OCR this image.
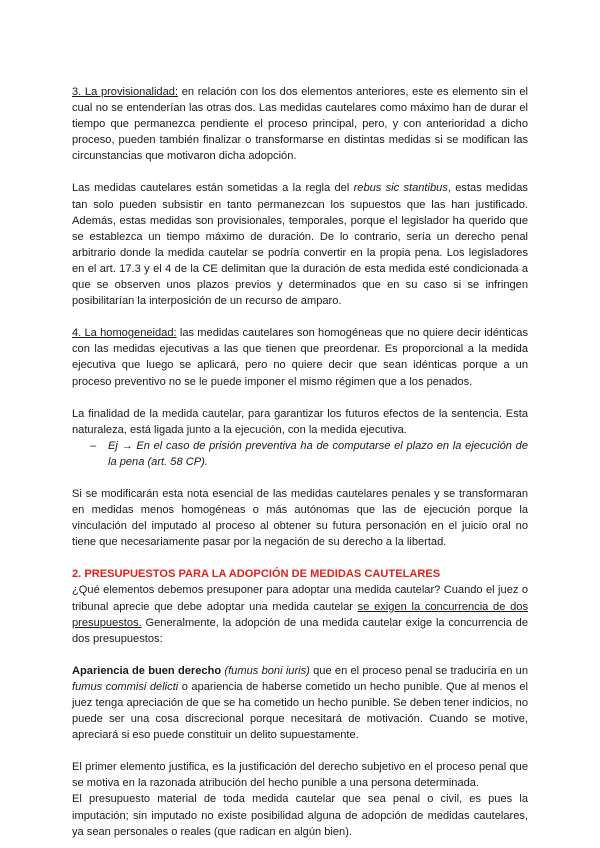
3. La provisionalidad: en relación con los dos elementos anteriores, este es elemento sin el cual no se entenderían las otras dos. Las medidas cautelares como máximo han de durar el tiempo que permanezca pendiente el proceso principal, pero, y con anterioridad a dicho proceso, pueden también finalizar o transformarse en distintas medidas si se modifican las circunstancias que motivaron dicha adopción.

Las medidas cautelares están sometidas a la regla del rebus sic stantibus, estas medidas tan solo pueden subsistir en tanto permanezcan los supuestos que las han justificado. Además, estas medidas son provisionales, temporales, porque el legislador ha querido que se establezca un tiempo máximo de duración. De lo contrario, sería un derecho penal arbitrario donde la medida cautelar se podría convertir en la propia pena. Los legisladores en el art. 17.3 y el 4 de la CE delimitan que la duración de esta medida esté condicionada a que se observen unos plazos previos y determinados que en su caso si se infringen posibilitarían la interposición de un recurso de amparo.

4. La homogeneidad: las medidas cautelares son homogéneas que no quiere decir idénticas con las medidas ejecutivas a las que tienen que preordenar. Es proporcional a la medida ejecutiva que luego se aplicará, pero no quiere decir que sean idénticas porque a un proceso preventivo no se le puede imponer el mismo régimen que a los penados.

La finalidad de la medida cautelar, para garantizar los futuros efectos de la sentencia. Esta naturaleza, está ligada junto a la ejecución, con la medida ejecutiva.

– Ej → En el caso de prisión preventiva ha de computarse el plazo en la ejecución de la pena (art. 58 CP).

Si se modificarán esta nota esencial de las medidas cautelares penales y se transformaran en medidas menos homogéneas o más autónomas que las de ejecución porque la vinculación del imputado al proceso al obtener su futura personación en el juicio oral no tiene que necesariamente pasar por la negación de su derecho a la libertad.

2. PRESUPUESTOS PARA LA ADOPCIÓN DE MEDIDAS CAUTELARES

¿Qué elementos debemos presuponer para adoptar una medida cautelar? Cuando el juez o tribunal aprecie que debe adoptar una medida cautelar se exigen la concurrencia de dos presupuestos. Generalmente, la adopción de una medida cautelar exige la concurrencia de dos presupuestos:

Apariencia de buen derecho (fumus boni iuris) que en el proceso penal se traduciría en un fumus commisi delicti o apariencia de haberse cometido un hecho punible. Que al menos el juez tenga apreciación de que se ha cometido un hecho punible. Se deben tener indicios, no puede ser una cosa discrecional porque necesitará de motivación. Cuando se motive, apreciará si eso puede constituir un delito supuestamente.

El primer elemento justifica, es la justificación del derecho subjetivo en el proceso penal que se motiva en la razonada atribución del hecho punible a una persona determinada.

El presupuesto material de toda medida cautelar que sea penal o civil, es pues la imputación; sin imputado no existe posibilidad alguna de adopción de medidas cautelares, ya sean personales o reales (que radican en algún bien).
